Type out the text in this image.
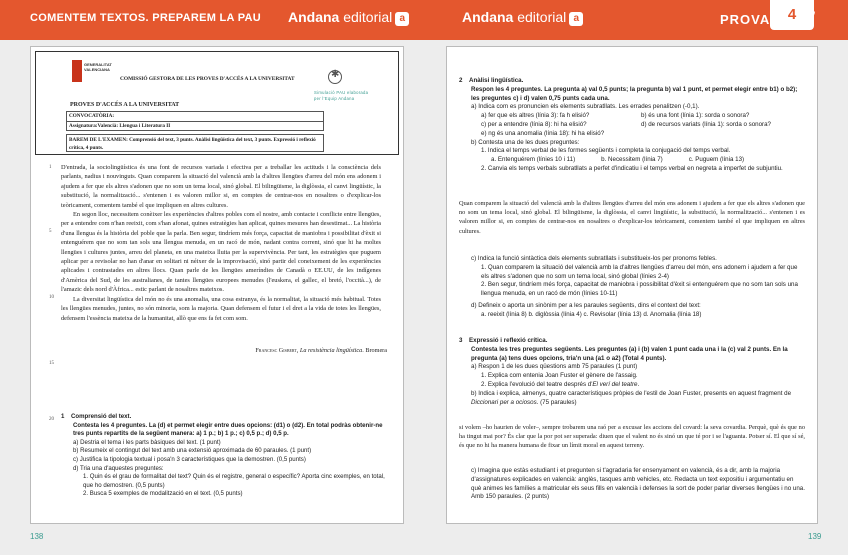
COMENTEM TEXTOS. PREPAREM LA PAU Andana editorial a
GENERALITAT VALENCIANA
COMISSIÓ GESTORA DE LES PROVES D'ACCÉS A LA UNIVERSITAT
✱
Simulació PAU elaborada
per l'Equip Andana
PROVES D'ACCÉS A LA UNIVERSITAT
CONVOCATÒRIA:
Assignatura:Valencià: Llengua i Literatura II
BAREM DE L'EXAMEN: Comprensió del text, 3 punts. Anàlisi lingüística del text, 3 punts. Expressió i reflexió crítica, 4 punts.
1
5
10
15
20

D'entrada, la sociolingüística és una font de recursos variada i efectiva per a treballar les actituds i la consciència dels parlants, nadius i nouvinguts. Quan comparem la situació del valencià amb la d'altres llengües d'arreu del món ens adonem i ajudem a fer que els altres s'adonen que no som un tema local, sinó global. El bilingüisme, la diglòssia, el canvi lingüístic, la substitució, la normalització... s'entenen i es valoren millor si, en comptes de centrar-nos en nosaltres o d'explicar-los teòricament, comentem també el que impliquen en altres cultures.

En segon lloc, necessitem conèixer les experiències d'altres pobles com el nostre, amb contacte i conflicte entre llengües, per a entendre com n'han reeixit, com s'han afonat, quines estratègies han aplicat, quines mesures han desestimat... La història d'una llengua és la història del poble que la parla. Ben segur, tindríem més força, capacitat de maniobra i possibilitat d'èxit si entenguérem que no som tan sols una llengua menuda, en un racó de món, nadant contra corrent, sinó que hi ha moltes llengües i cultures juntes, arreu del planeta, en una mateixa lluita per la supervivència. Per tant, les estratègies que puguem aplicar per a revisolar no han d'anar en solitari ni néixer de la improvisació, sinó partir del coneixement de les experiències aplicades i contrastades en altres llocs. Quan parle de les llengües ameríndies de Canadà o EE.UU, de les indígenes d'Amèrica del Sud, de les australianes, de tantes llengües europees menudes (l'euskera, el gallec, el bretó, l'occità...), de l'amazic dels nord d'Àfrica... estic parlant de nosaltres mateixos.

La diversitat lingüística del món no és una anomalia, una cosa estranya, és la normalitat, la situació més habitual. Totes les llengües menudes, juntes, no són minoria, som la majoria. Quan defensem el futur i el dret a la vida de totes les llengües, defensem l'essència mateixa de la humanitat, allò que ens fa fet com som.

Francesc Gisbert, La resistència lingüística. Bromera
1 Comprensió del text.
Contesta les 4 preguntes. La (d) et permet elegir entre dues opcions: (d1) o (d2). En total podràs obtenir-ne tres punts repartits de la següent manera: a) 1 p.; b) 1 p.; c) 0,5 p.; d) 0,5 p.
a) Destria el tema i les parts bàsiques del text. (1 punt)
b) Resumeix el contingut del text amb una extensió aproximada de 60 paraules. (1 punt)
c) Justifica la tipologia textual i posa'n 3 característiques que la demostren. (0,5 punts)
d) Tria una d'aquestes preguntes:
1. Quin és el grau de formalitat del text? Quin és el registre, general o específic? Aporta cinc exemples, en total, que ho demostren. (0,5 punts)
2. Busca 5 exemples de modalització en el text. (0,5 punts)
138
Andana editorial a	PROVA	4 ”
2 Anàlisi lingüística.
Respon les 4 preguntes. La pregunta a) val 0,5 punts; la pregunta b) val 1 punt, et permet elegir entre b1) o b2); les preguntes c) i d) valen 0,75 punts cada una.
a) Indica com es pronuncien els elements subratllats. Les errades penalitzen (-0,1).
a) fer que els altres (línia 3): fa h elisió?	b) és una font (línia 1): sorda o sonora?
c) per a entendre (línia 8): hi ha elisió?	d) de recursos variats (línia 1): sorda o sonora?
e) ng és una anomalia (línia 18): hi ha elisió?
b) Contesta una de les dues preguntes:
1. Indica el temps verbal de les formes següents i completa la conjugació del temps verbal.
a. Entenguérem (línies 10 i 11)	b. Necessitem (línia 7)	c. Puguem (línia 13)
2. Canvia els temps verbals subratllats a perfet d'indicatiu i el temps verbal en negreta a imperfet de subjuntiu.
Quan comparem la situació del valencià amb la d'altres llengües d'arreu del món ens adonem i ajudem a fer que els altres s'adonen que no som un tema local, sinó global. El bilingüisme, la diglòssia, el canvi lingüístic, la substitució, la normalització... s'entenen i es valoren millor si, en comptes de centrar-nos en nosaltres o d'explicar-los teòricament, comentem també el que impliquen en altres cultures.
c) Indica la funció sintàctica dels elements subratllats i substitueix-los per pronoms febles.
1. Quan comparem la situació del valencià amb la d'altres llengües d'arreu del món, ens adonem i ajudem a fer que els altres s'adonen que no som un tema local, sinó global (línies 2-4)
2. Ben segur, tindríem més força, capacitat de maniobra i possibilitat d'èxit si entenguérem que no som tan sols una llengua menuda, en un racó de món (línies 10-11)
d) Defineix o aporta un sinònim per a les paraules següents, dins el context del text:
a. reeixit (línia 8) b. diglòssia (línia 4) c. Revisolar (línia 13) d. Anomalia (línia 18)
3 Expressió i reflexió crítica.
Contesta les tres preguntes següents. Les preguntes (a) i (b) valen 1 punt cada una i la (c) val 2 punts. En la pregunta (a) tens dues opcions, tria'n una (a1 o a2) (Total 4 punts).
a) Respon 1 de les dues qüestions amb 75 paraules (1 punt)
1. Explica com entenia Joan Fuster el gènere de l'assaig.
2. Explica l'evolució del teatre després d'El verí del teatre.
b) Indica i explica, almenys, quatre característiques pròpies de l'estil de Joan Fuster, presents en aquest fragment de Diccionari per a ociosos. (75 paraules)
si volem –ho haurien de voler–, sempre trobarem una raó per a excusar les accions del covard: la seva covardia. Perquè, què és que no ha tingut mai por? És clar que la por pot ser superada: diuen que el valent no és sinó un que té por i se l'aguanta. Potser sí. El que sí sé, és que no hi ha manera humana de fixar un límit moral en aquest terreny.
c) Imagina que estàs estudiant i et pregunten si t'agradaria fer ensenyament en valencià, és a dir, amb la majoria d'assignatures explicades en valencià: anglès, tasques amb vehicles, etc. Redacta un text expositiu i argumentatiu en què animes les famílies a matricular els seus fills en valencià i defenses la sort de poder parlar diverses llengües i no una. Amb 150 paraules. (2 punts)
139
